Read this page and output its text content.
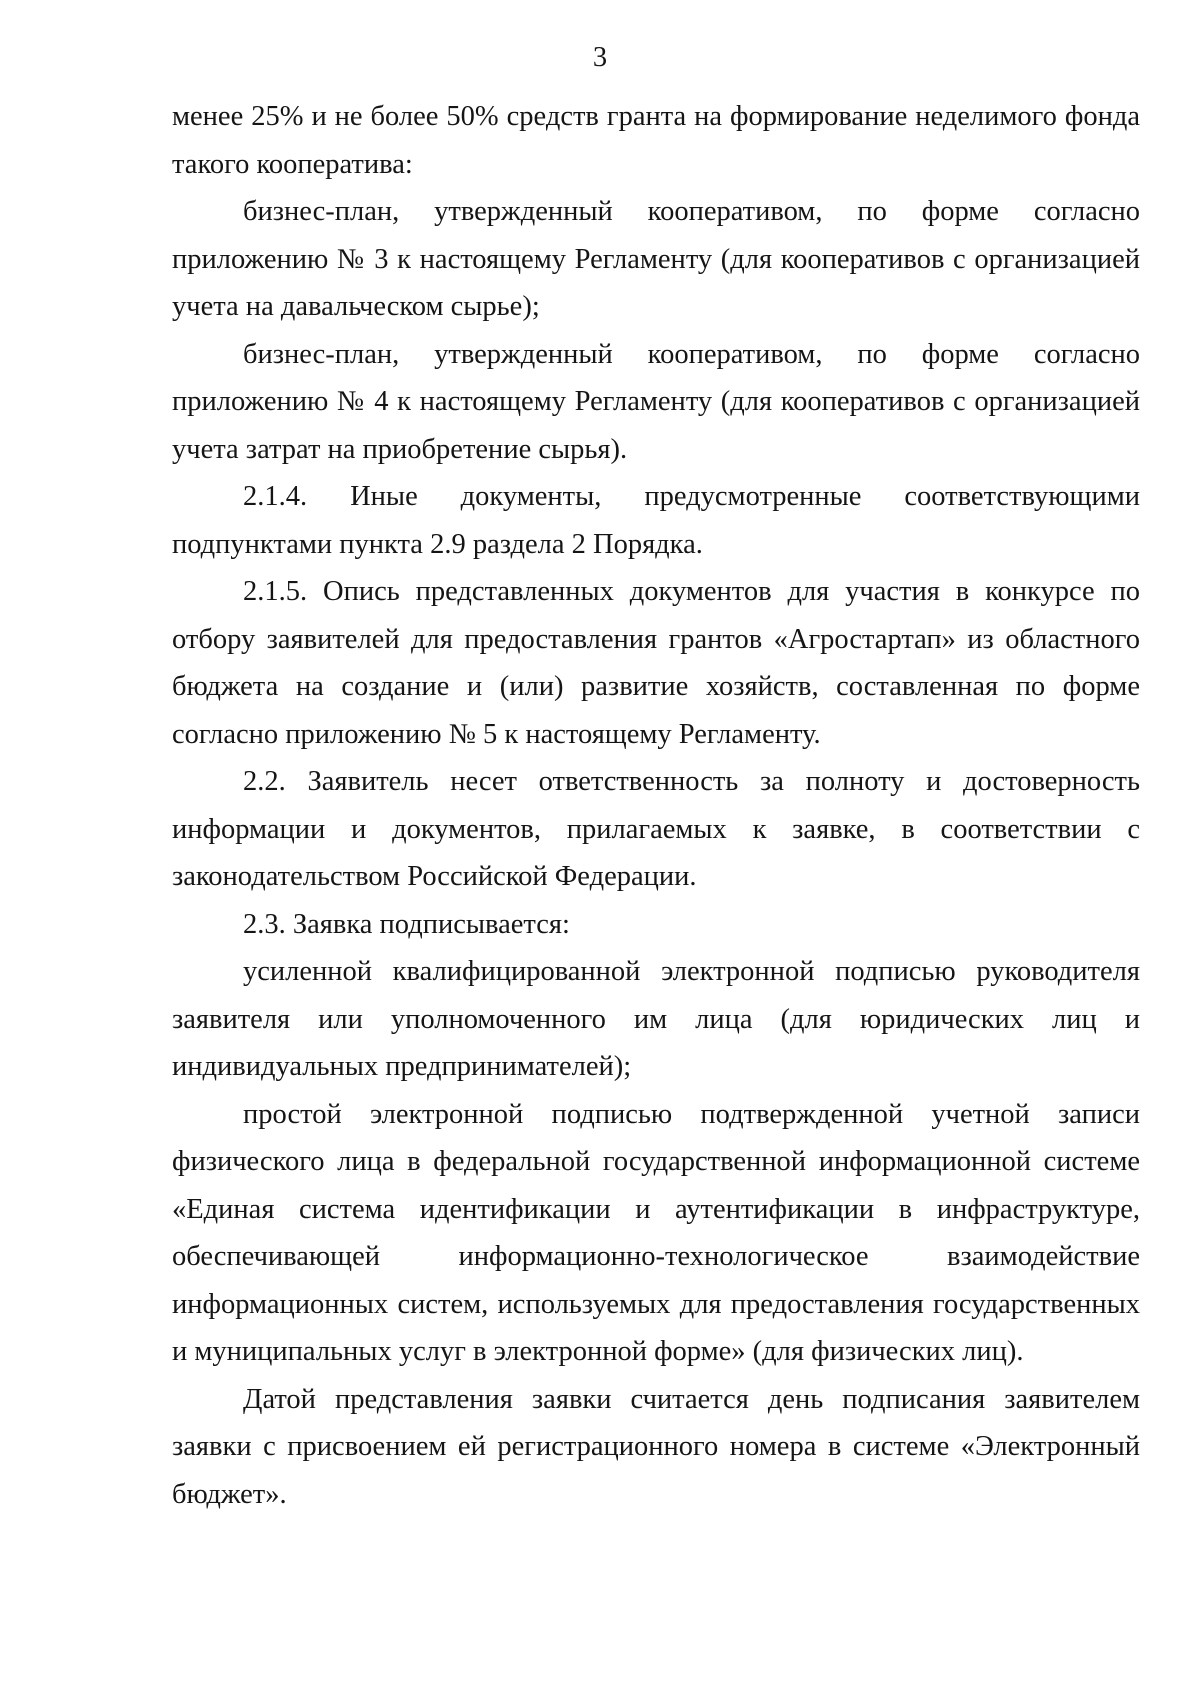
3

менее 25% и не более 50% средств гранта на формирование неделимого фонда такого кооператива:

бизнес-план, утвержденный кооперативом, по форме согласно приложению № 3 к настоящему Регламенту (для кооперативов с организацией учета на давальческом сырье);

бизнес-план, утвержденный кооперативом, по форме согласно приложению № 4 к настоящему Регламенту (для кооперативов с организацией учета затрат на приобретение сырья).

2.1.4. Иные документы, предусмотренные соответствующими подпунктами пункта 2.9 раздела 2 Порядка.

2.1.5. Опись представленных документов для участия в конкурсе по отбору заявителей для предоставления грантов «Агростартап» из областного бюджета на создание и (или) развитие хозяйств, составленная по форме согласно приложению № 5 к настоящему Регламенту.

2.2. Заявитель несет ответственность за полноту и достоверность информации и документов, прилагаемых к заявке, в соответствии с законодательством Российской Федерации.

2.3. Заявка подписывается:

усиленной квалифицированной электронной подписью руководителя заявителя или уполномоченного им лица (для юридических лиц и индивидуальных предпринимателей);

простой электронной подписью подтвержденной учетной записи физического лица в федеральной государственной информационной системе «Единая система идентификации и аутентификации в инфраструктуре, обеспечивающей информационно-технологическое взаимодействие информационных систем, используемых для предоставления государственных и муниципальных услуг в электронной форме» (для физических лиц).

Датой представления заявки считается день подписания заявителем заявки с присвоением ей регистрационного номера в системе «Электронный бюджет».
